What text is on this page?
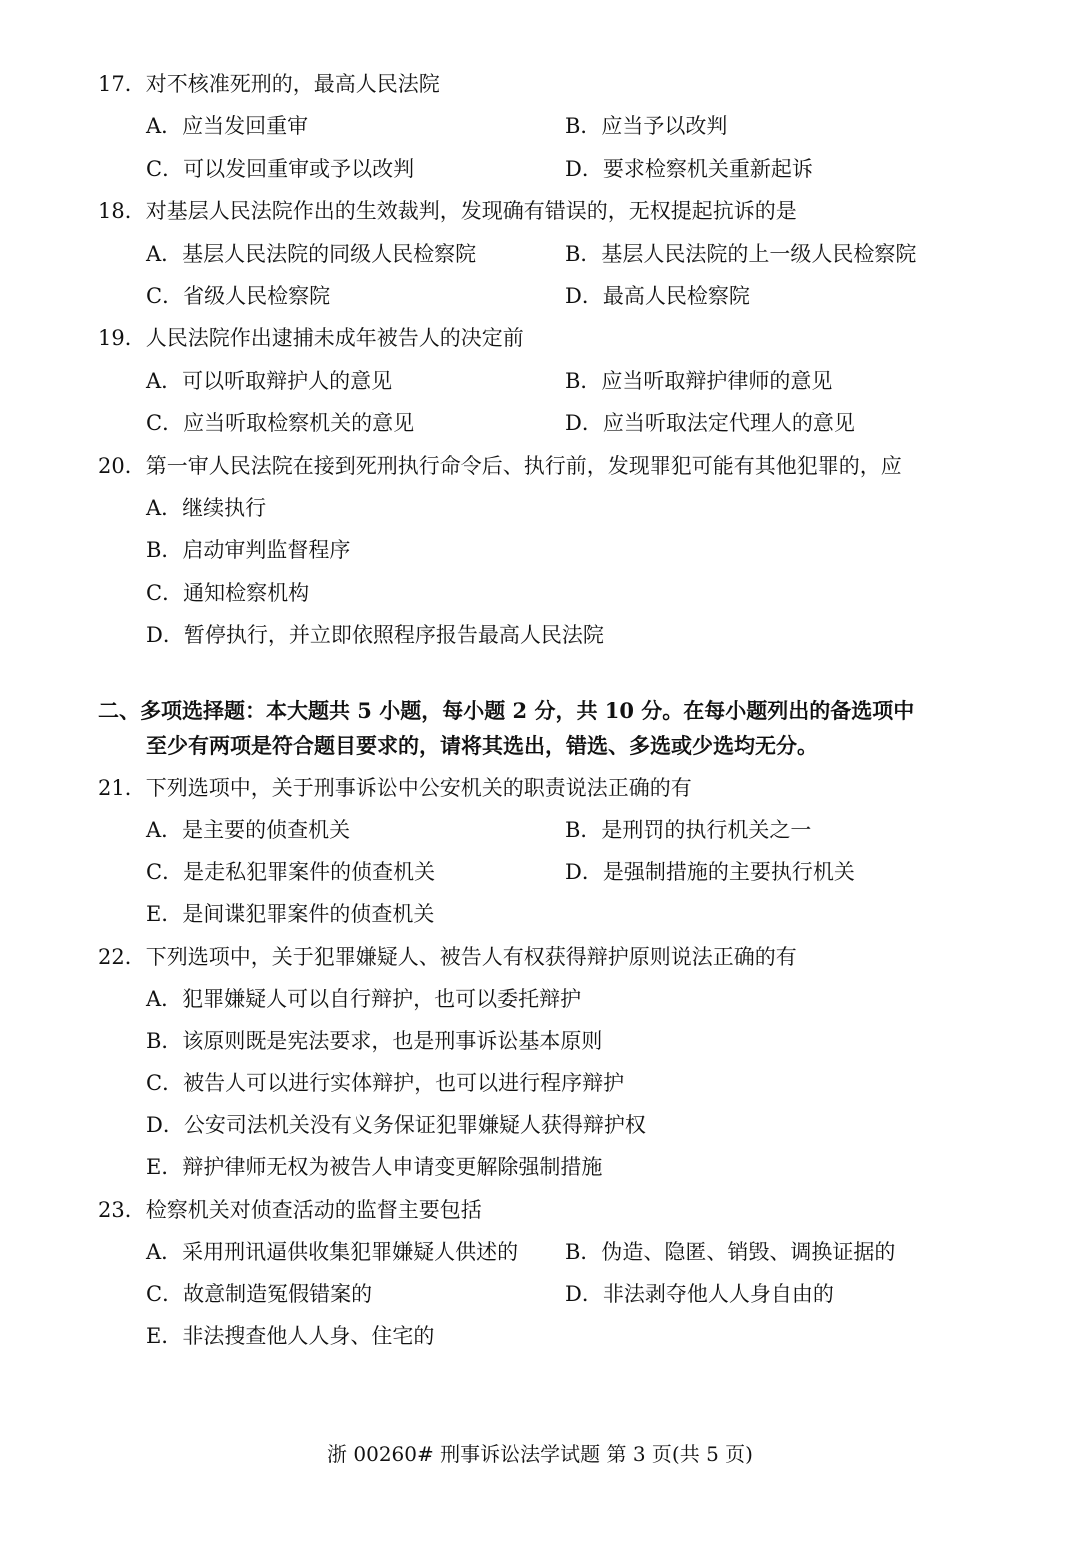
17．对不核准死刑的，最高人民法院
A．应当发回重审	B．应当予以改判
C．可以发回重审或予以改判	D．要求检察机关重新起诉
18．对基层人民法院作出的生效裁判，发现确有错误的，无权提起抗诉的是
A．基层人民法院的同级人民检察院	B．基层人民法院的上一级人民检察院
C．省级人民检察院	D．最高人民检察院
19．人民法院作出逮捕未成年被告人的决定前
A．可以听取辩护人的意见	B．应当听取辩护律师的意见
C．应当听取检察机关的意见	D．应当听取法定代理人的意见
20．第一审人民法院在接到死刑执行命令后、执行前，发现罪犯可能有其他犯罪的，应
A．继续执行
B．启动审判监督程序
C．通知检察机构
D．暂停执行，并立即依照程序报告最高人民法院
二、多项选择题：本大题共 5 小题，每小题 2 分，共 10 分。在每小题列出的备选项中
至少有两项是符合题目要求的，请将其选出，错选、多选或少选均无分。
21．下列选项中，关于刑事诉讼中公安机关的职责说法正确的有
A．是主要的侦查机关	B．是刑罚的执行机关之一
C．是走私犯罪案件的侦查机关	D．是强制措施的主要执行机关
E．是间谍犯罪案件的侦查机关
22．下列选项中，关于犯罪嫌疑人、被告人有权获得辩护原则说法正确的有
A．犯罪嫌疑人可以自行辩护，也可以委托辩护
B．该原则既是宪法要求，也是刑事诉讼基本原则
C．被告人可以进行实体辩护，也可以进行程序辩护
D．公安司法机关没有义务保证犯罪嫌疑人获得辩护权
E．辩护律师无权为被告人申请变更解除强制措施
23．检察机关对侦查活动的监督主要包括
A．采用刑讯逼供收集犯罪嫌疑人供述的 B．伪造、隐匿、销毁、调换证据的
C．故意制造冤假错案的	D．非法剥夺他人人身自由的
E．非法搜查他人人身、住宅的
浙 00260# 刑事诉讼法学试题 第 3 页(共 5 页)
